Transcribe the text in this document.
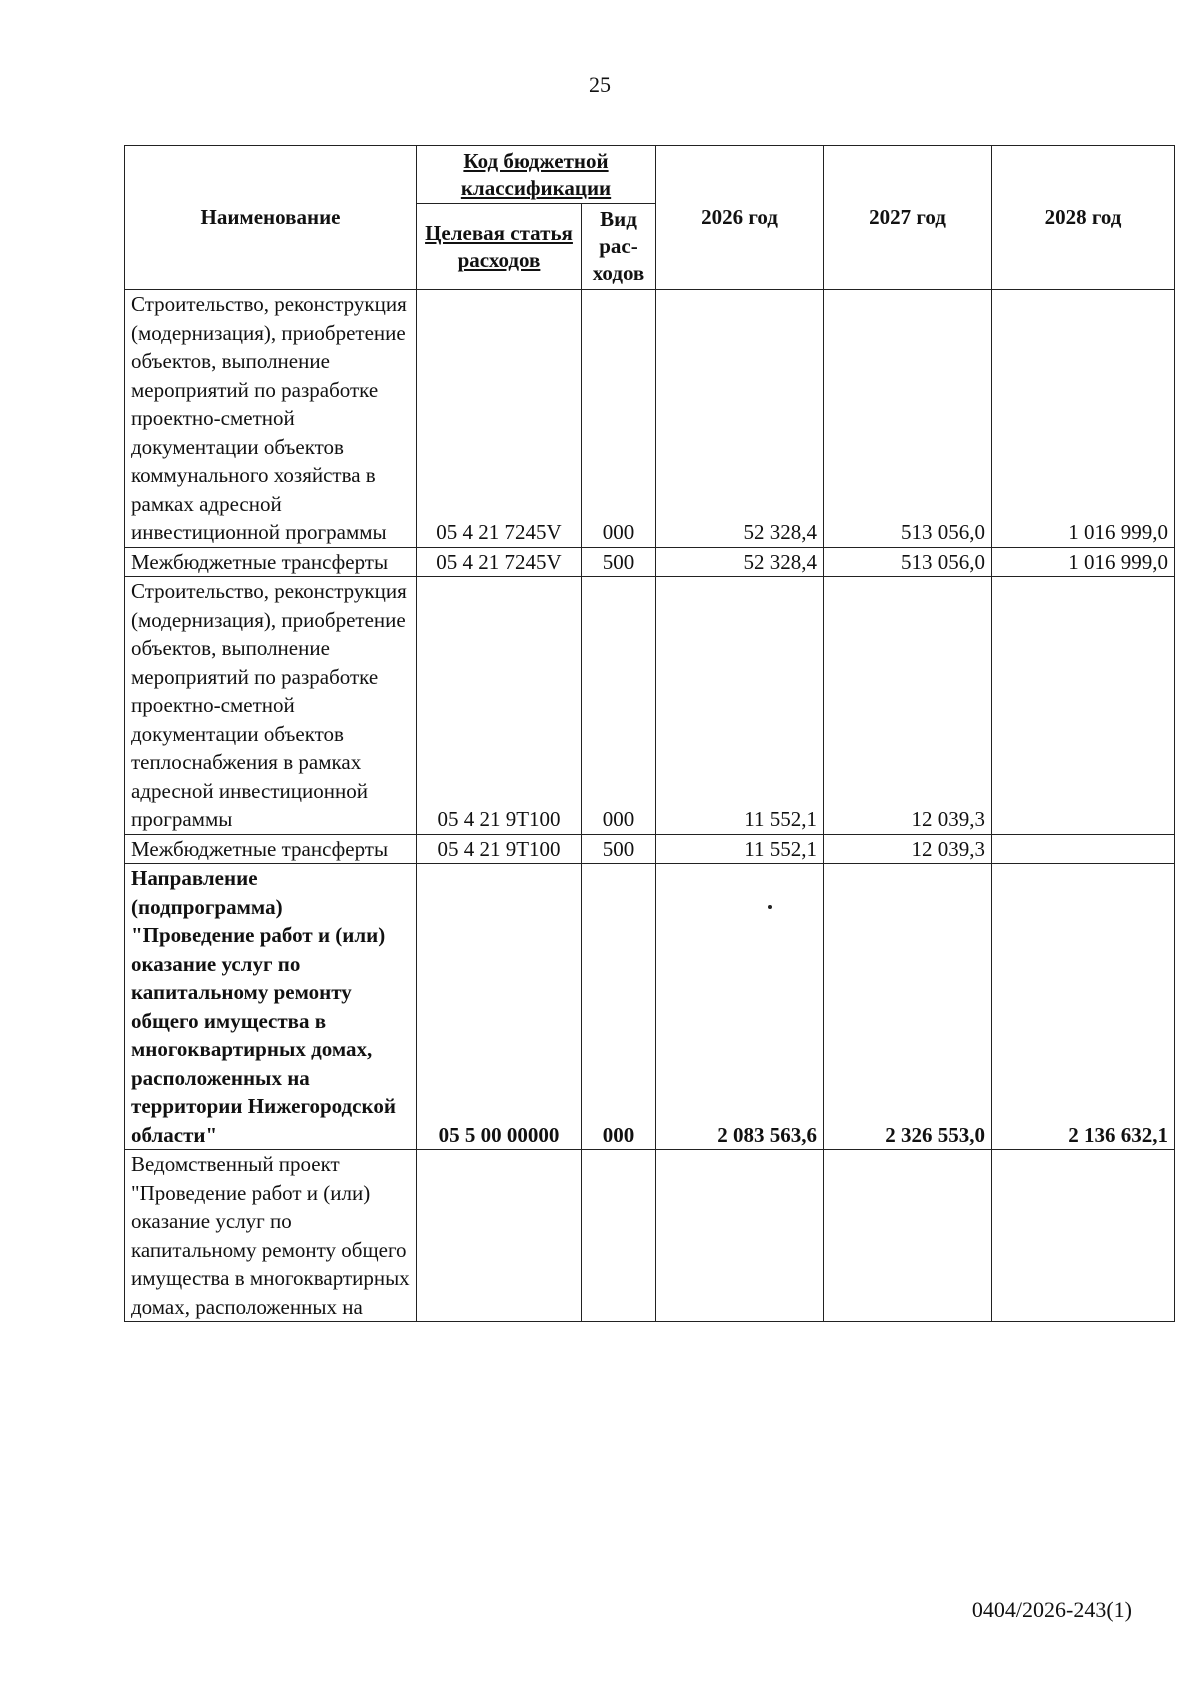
25
Наименование	Код бюджетной классификации		2026 год	2027 год	2028 год
	Целевая статья расходов	Вид рас- ходов			
Строительство, реконструкция (модернизация), приобретение объектов, выполнение мероприятий по разработке проектно-сметной документации объектов коммунального хозяйства в рамках адресной инвестиционной программы	05 4 21 7245V	000	52 328,4	513 056,0	1 016 999,0
Межбюджетные трансферты	05 4 21 7245V	500	52 328,4	513 056,0	1 016 999,0
Строительство, реконструкция (модернизация), приобретение объектов, выполнение мероприятий по разработке проектно-сметной документации объектов теплоснабжения в рамках адресной инвестиционной программы	05 4 21 9Т100	000	11 552,1	12 039,3	
Межбюджетные трансферты	05 4 21 9Т100	500	11 552,1	12 039,3	
Направление (подпрограмма) "Проведение работ и (или) оказание услуг по капитальному ремонту общего имущества в многоквартирных домах, расположенных на территории Нижегородской области"	05 5 00 00000	000	2 083 563,6	2 326 553,0	2 136 632,1
Ведомственный проект "Проведение работ и (или) оказание услуг по капитальному ремонту общего имущества в многоквартирных домах, расположенных на					
0404/2026-243(1)
